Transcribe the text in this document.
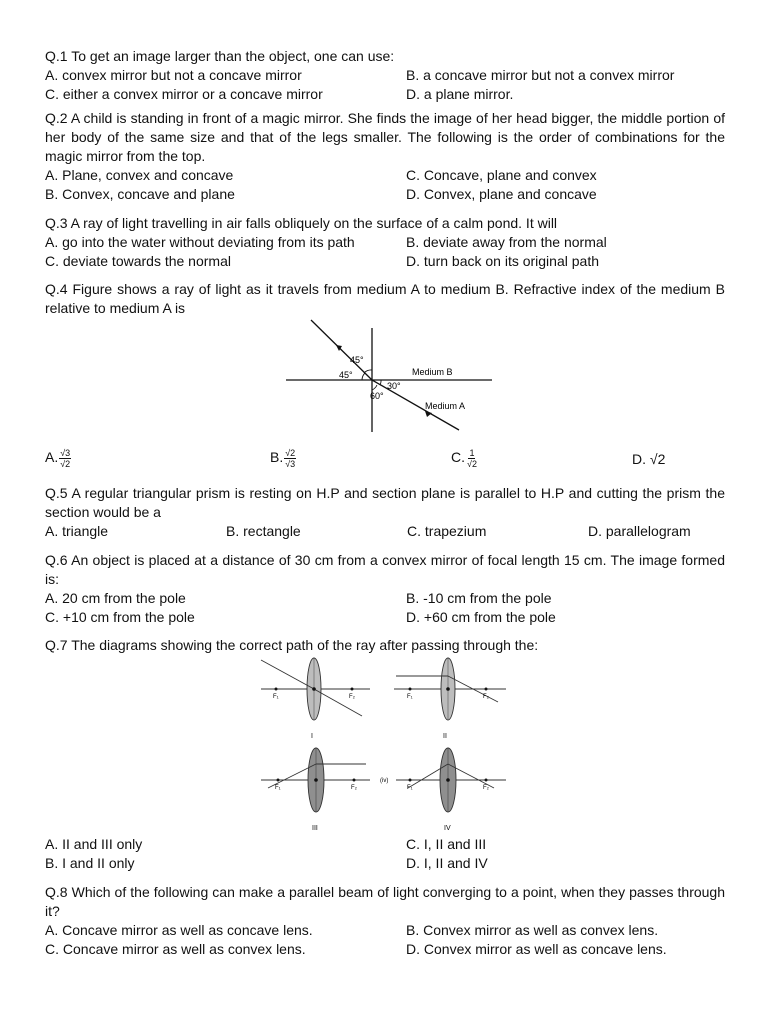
Q.1 To get an image larger than the object, one can use:
A. convex mirror but not a concave mirror	B. a concave mirror but not a convex mirror
C. either a convex mirror or a concave mirror	D. a plane mirror.
Q.2 A child is standing in front of a magic mirror. She finds the image of her head bigger, the middle portion of her body of the same size and that of the legs smaller. The following is the order of combinations for the magic mirror from the top.
A. Plane, convex and concave	C. Concave, plane and convex
B. Convex, concave and plane	D. Convex, plane and concave
Q.3 A ray of light travelling in air falls obliquely on the surface of a calm pond. It will
A. go into the water without deviating from its path	B. deviate away from the normal
C. deviate towards the normal	D. turn back on its original path
Q.4 Figure shows a ray of light as it travels from medium A to medium B. Refractive index of the medium B relative to medium A is
45°
45°
30°
60°
Medium B
Medium A
A. $\frac{√3}{√2}$	B. $\frac{√2}{√3}$	C. $\frac{1}{√2}$	D. √2
Q.5 A regular triangular prism is resting on H.P and section plane is parallel to H.P and cutting the prism the section would be a
A. triangle	B. rectangle	C. trapezium	D. parallelogram
Q.6 An object is placed at a distance of 30 cm from a convex mirror of focal length 15 cm. The image formed is:
A. 20 cm from the pole	B. -10 cm from the pole
C. +10 cm from the pole	D. +60 cm from the pole
Q.7 The diagrams showing the correct path of the ray after passing through the:
F₁	F₂
I
F₁	F₂
II
F₁	F₂
III
(iv)
F₁	F₂
IV
A. II and III only	C. I, II and III
B. I and II only	D. I, II and IV
Q.8 Which of the following can make a parallel beam of light converging to a point, when they passes through it?
A. Concave mirror as well as concave lens.	B. Convex mirror as well as convex lens.
C. Concave mirror as well as convex lens.	D. Convex mirror as well as concave lens.
